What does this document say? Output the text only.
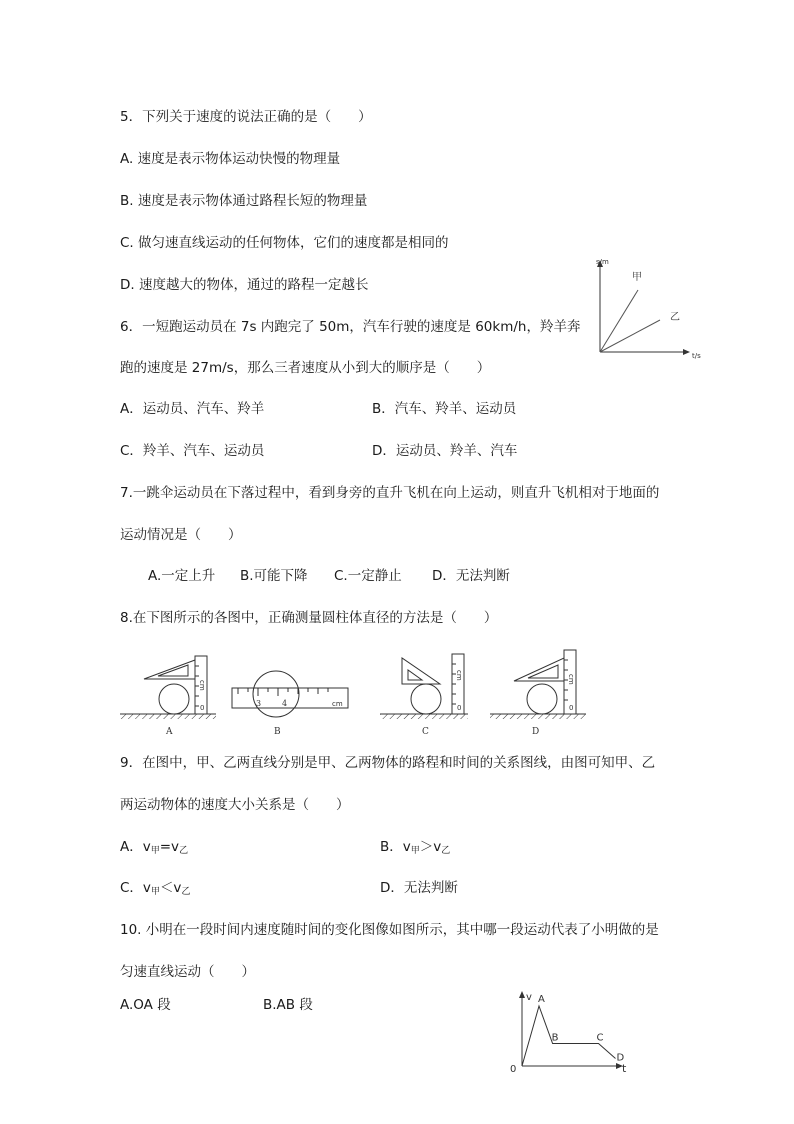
5．下列关于速度的说法正确的是（　　）
A. 速度是表示物体运动快慢的物理量
B. 速度是表示物体通过路程长短的物理量
C. 做匀速直线运动的任何物体，它们的速度都是相同的
D. 速度越大的物体，通过的路程一定越长
s/m
t/s
甲
乙
6．一短跑运动员在 7s 内跑完了 50m，汽车行驶的速度是 60km/h，羚羊奔
跑的速度是 27m/s，那么三者速度从小到大的顺序是（　　）
A．运动员、汽车、羚羊	B．汽车、羚羊、运动员
C．羚羊、汽车、运动员	D．运动员、羚羊、汽车
7.一跳伞运动员在下落过程中，看到身旁的直升飞机在向上运动，则直升飞机相对于地面的
运动情况是（　　）
A.一定上升 B.可能下降 C.一定静止 D．无法判断
8.在下图所示的各图中，正确测量圆柱体直径的方法是（　　）
cm
0
A
3	4	cm
B
cm
0
C
cm
0
D
9．在图中，甲、乙两直线分别是甲、乙两物体的路程和时间的关系图线，由图可知甲、乙
两运动物体的速度大小关系是（　　）
A．$v_甲=v_乙$	B．$v_甲>v_乙$
C．$v_甲<v_乙$	D．无法判断
10. 小明在一段时间内速度随时间的变化图像如图所示，其中哪一段运动代表了小明做的是
匀速直线运动（　　）
A.OA 段	B.AB 段	v
t
0
A
B	C
D
